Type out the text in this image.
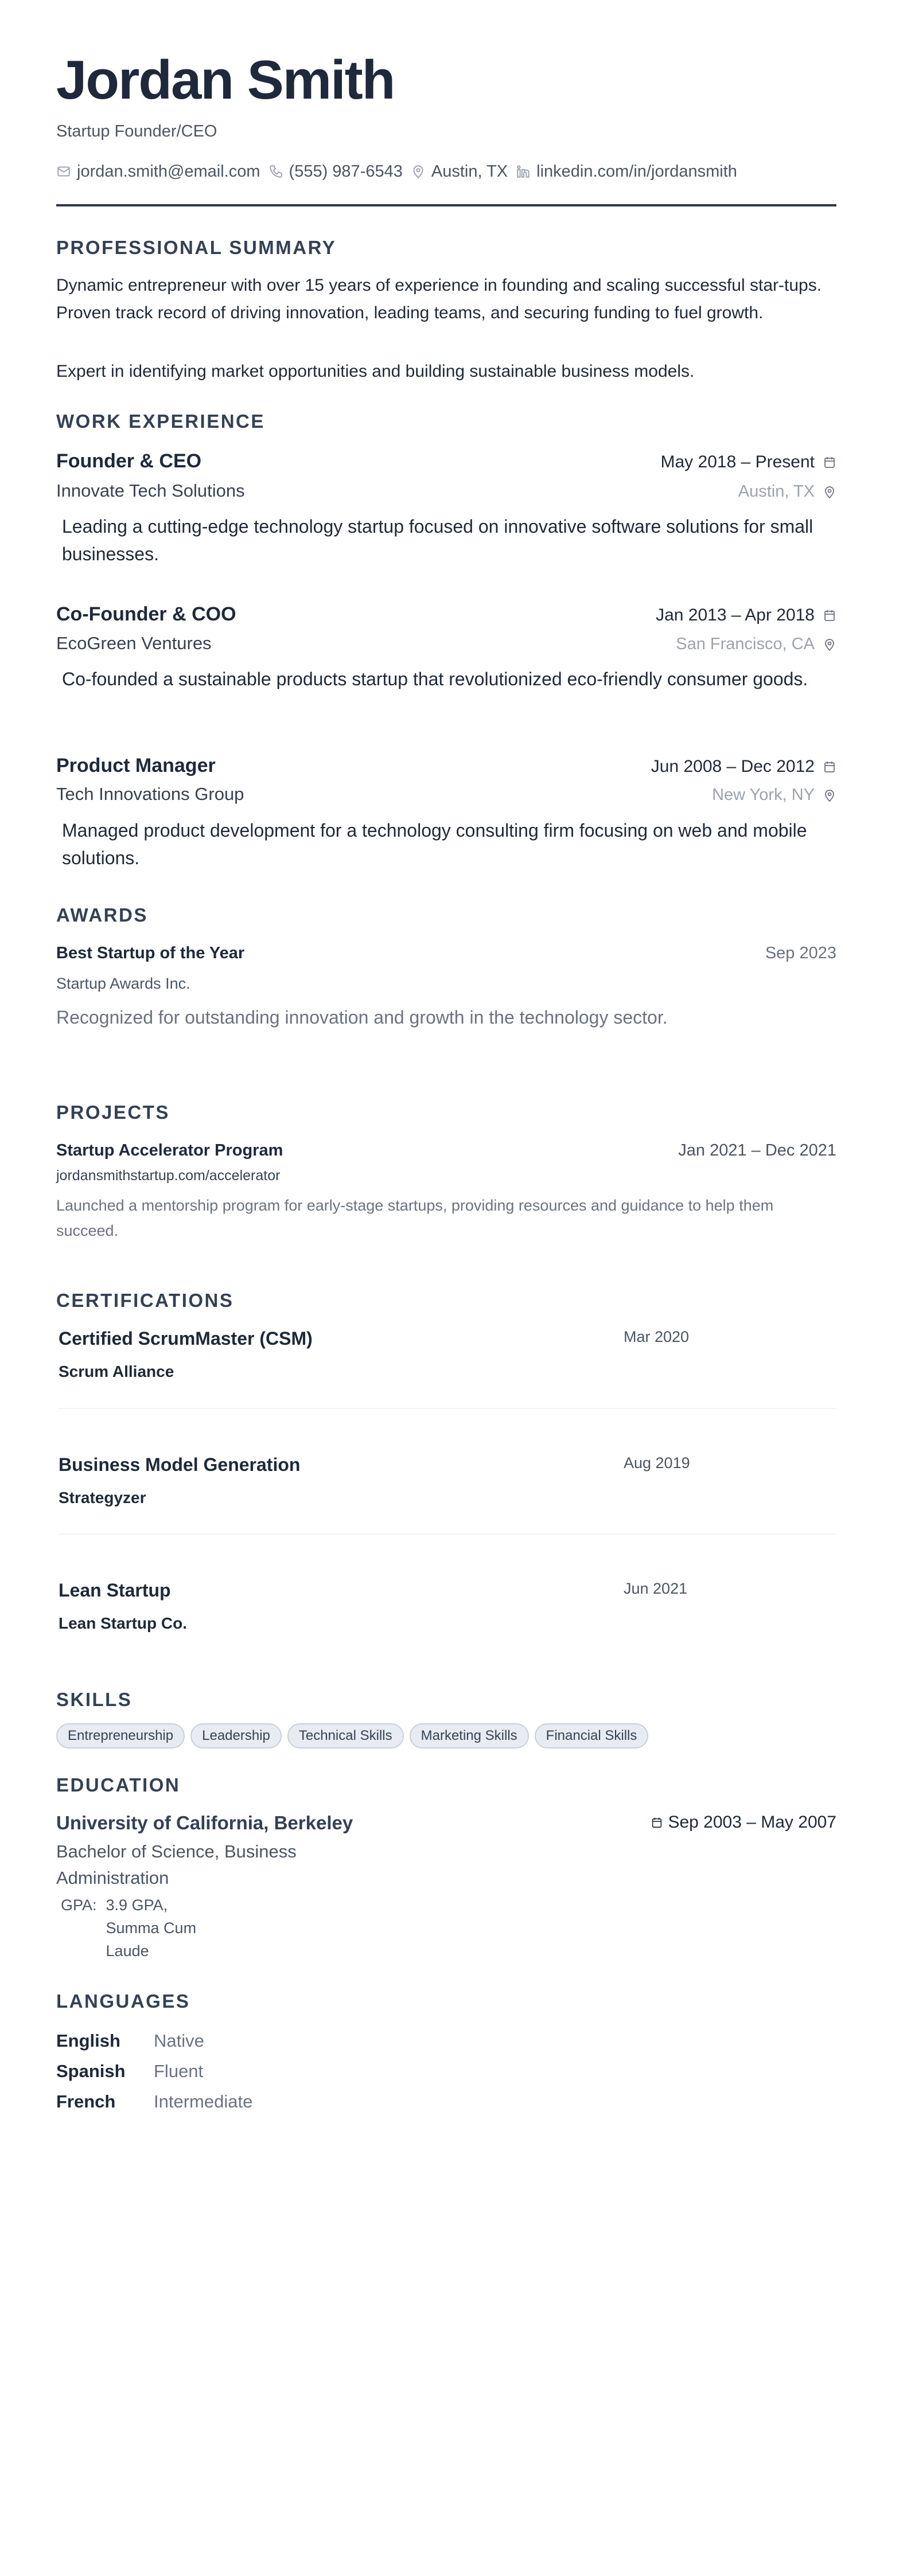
Jordan Smith
Startup Founder/CEO
jordan.smith@email.com (555) 987-6543 Austin, TX linkedin.com/in/jordansmith
PROFESSIONAL SUMMARY

Dynamic entrepreneur with over 15 years of experience in founding and scaling successful star-tups. Proven track record of driving innovation, leading teams, and securing funding to fuel growth.

Expert in identifying market opportunities and building sustainable business models.

WORK EXPERIENCE
Founder & CEO	May 2018 – Present
Innovate Tech Solutions	Austin, TX

Leading a cutting-edge technology startup focused on innovative software solutions for small businesses.

Co-Founder & COO	Jan 2013 – Apr 2018
EcoGreen Ventures	San Francisco, CA

Co-founded a sustainable products startup that revolutionized eco-friendly consumer goods.

Product Manager	Jun 2008 – Dec 2012
Tech Innovations Group	New York, NY

Managed product development for a technology consulting firm focusing on web and mobile solutions.

AWARDS
Best Startup of the Year	Sep 2023
Startup Awards Inc.
Recognized for outstanding innovation and growth in the technology sector.
PROJECTS
Startup Accelerator Program	Jan 2021 – Dec 2021
jordansmithstartup.com/accelerator

Launched a mentorship program for early-stage startups, providing resources and guidance to help them succeed.

CERTIFICATIONS
Certified ScrumMaster (CSM)	Mar 2020
Scrum Alliance
Business Model Generation	Aug 2019
Strategyzer
Lean Startup	Jun 2021
Lean Startup Co.
SKILLS
Entrepreneurship	Leadership	Technical Skills	Marketing Skills	Financial Skills
EDUCATION
University of California, Berkeley	Sep 2003 – May 2007
Bachelor of Science, Business Administration
GPA: 3.9 GPA, Summa Cum Laude
LANGUAGES
English	Native
Spanish	Fluent
French	Intermediate
